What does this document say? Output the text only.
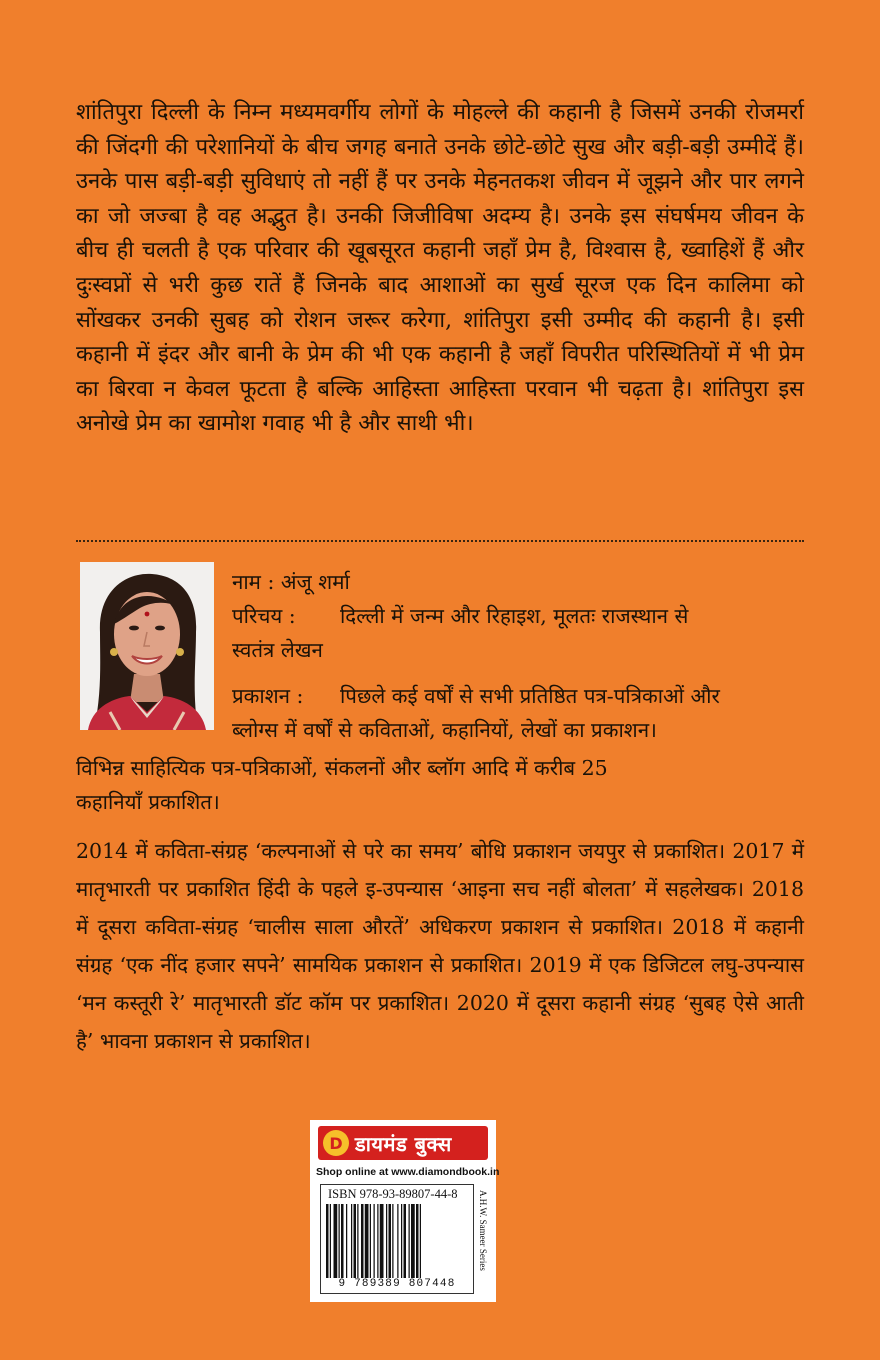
शांतिपुरा दिल्ली के निम्न मध्यमवर्गीय लोगों के मोहल्ले की कहानी है जिसमें उनकी रोजमर्रा की जिंदगी की परेशानियों के बीच जगह बनाते उनके छोटे-छोटे सुख और बड़ी-बड़ी उम्मीदें हैं। उनके पास बड़ी-बड़ी सुविधाएं तो नहीं हैं पर उनके मेहनतकश जीवन में जूझने और पार लगने का जो जज्बा है वह अद्भुत है। उनकी जिजीविषा अदम्य है। उनके इस संघर्षमय जीवन के बीच ही चलती है एक परिवार की खूबसूरत कहानी जहाँ प्रेम है, विश्वास है, ख्वाहिशें हैं और दुःस्वप्नों से भरी कुछ रातें हैं जिनके बाद आशाओं का सुर्ख सूरज एक दिन कालिमा को सोंखकर उनकी सुबह को रोशन जरूर करेगा, शांतिपुरा इसी उम्मीद की कहानी है। इसी कहानी में इंदर और बानी के प्रेम की भी एक कहानी है जहाँ विपरीत परिस्थितियों में भी प्रेम का बिरवा न केवल फूटता है बल्कि आहिस्ता आहिस्ता परवान भी चढ़ता है। शांतिपुरा इस अनोखे प्रेम का खामोश गवाह भी है और साथी भी।

नाम : अंजू शर्मा

परिचय : दिल्ली में जन्म और रिहाइश, मूलतः राजस्थान से

स्वतंत्र लेखन

प्रकाशन : पिछले कई वर्षों से सभी प्रतिष्ठित पत्र-पत्रिकाओं और

ब्लोग्स में वर्षों से कविताओं, कहानियों, लेखों का प्रकाशन।

विभिन्न साहित्यिक पत्र-पत्रिकाओं, संकलनों और ब्लॉग आदि में करीब 25

कहानियाँ प्रकाशित।

2014 में कविता-संग्रह ‘कल्पनाओं से परे का समय’ बोधि प्रकाशन जयपुर से प्रकाशित। 2017 में मातृभारती पर प्रकाशित हिंदी के पहले इ-उपन्यास ‘आइना सच नहीं बोलता’ में सहलेखक। 2018 में दूसरा कविता-संग्रह ‘चालीस साला औरतें’ अधिकरण प्रकाशन से प्रकाशित। 2018 में कहानी संग्रह ‘एक नींद हजार सपने’ सामयिक प्रकाशन से प्रकाशित। 2019 में एक डिजिटल लघु-उपन्यास ‘मन कस्तूरी रे’ मातृभारती डॉट कॉम पर प्रकाशित। 2020 में दूसरा कहानी संग्रह ‘सुबह ऐसे आती है’ भावना प्रकाशन से प्रकाशित।

D डायमंड बुक्स
Shop online at www.diamondbook.in
ISBN 978-93-89807-44-8
9 789389 807448
A.H.W. Sameer Series
